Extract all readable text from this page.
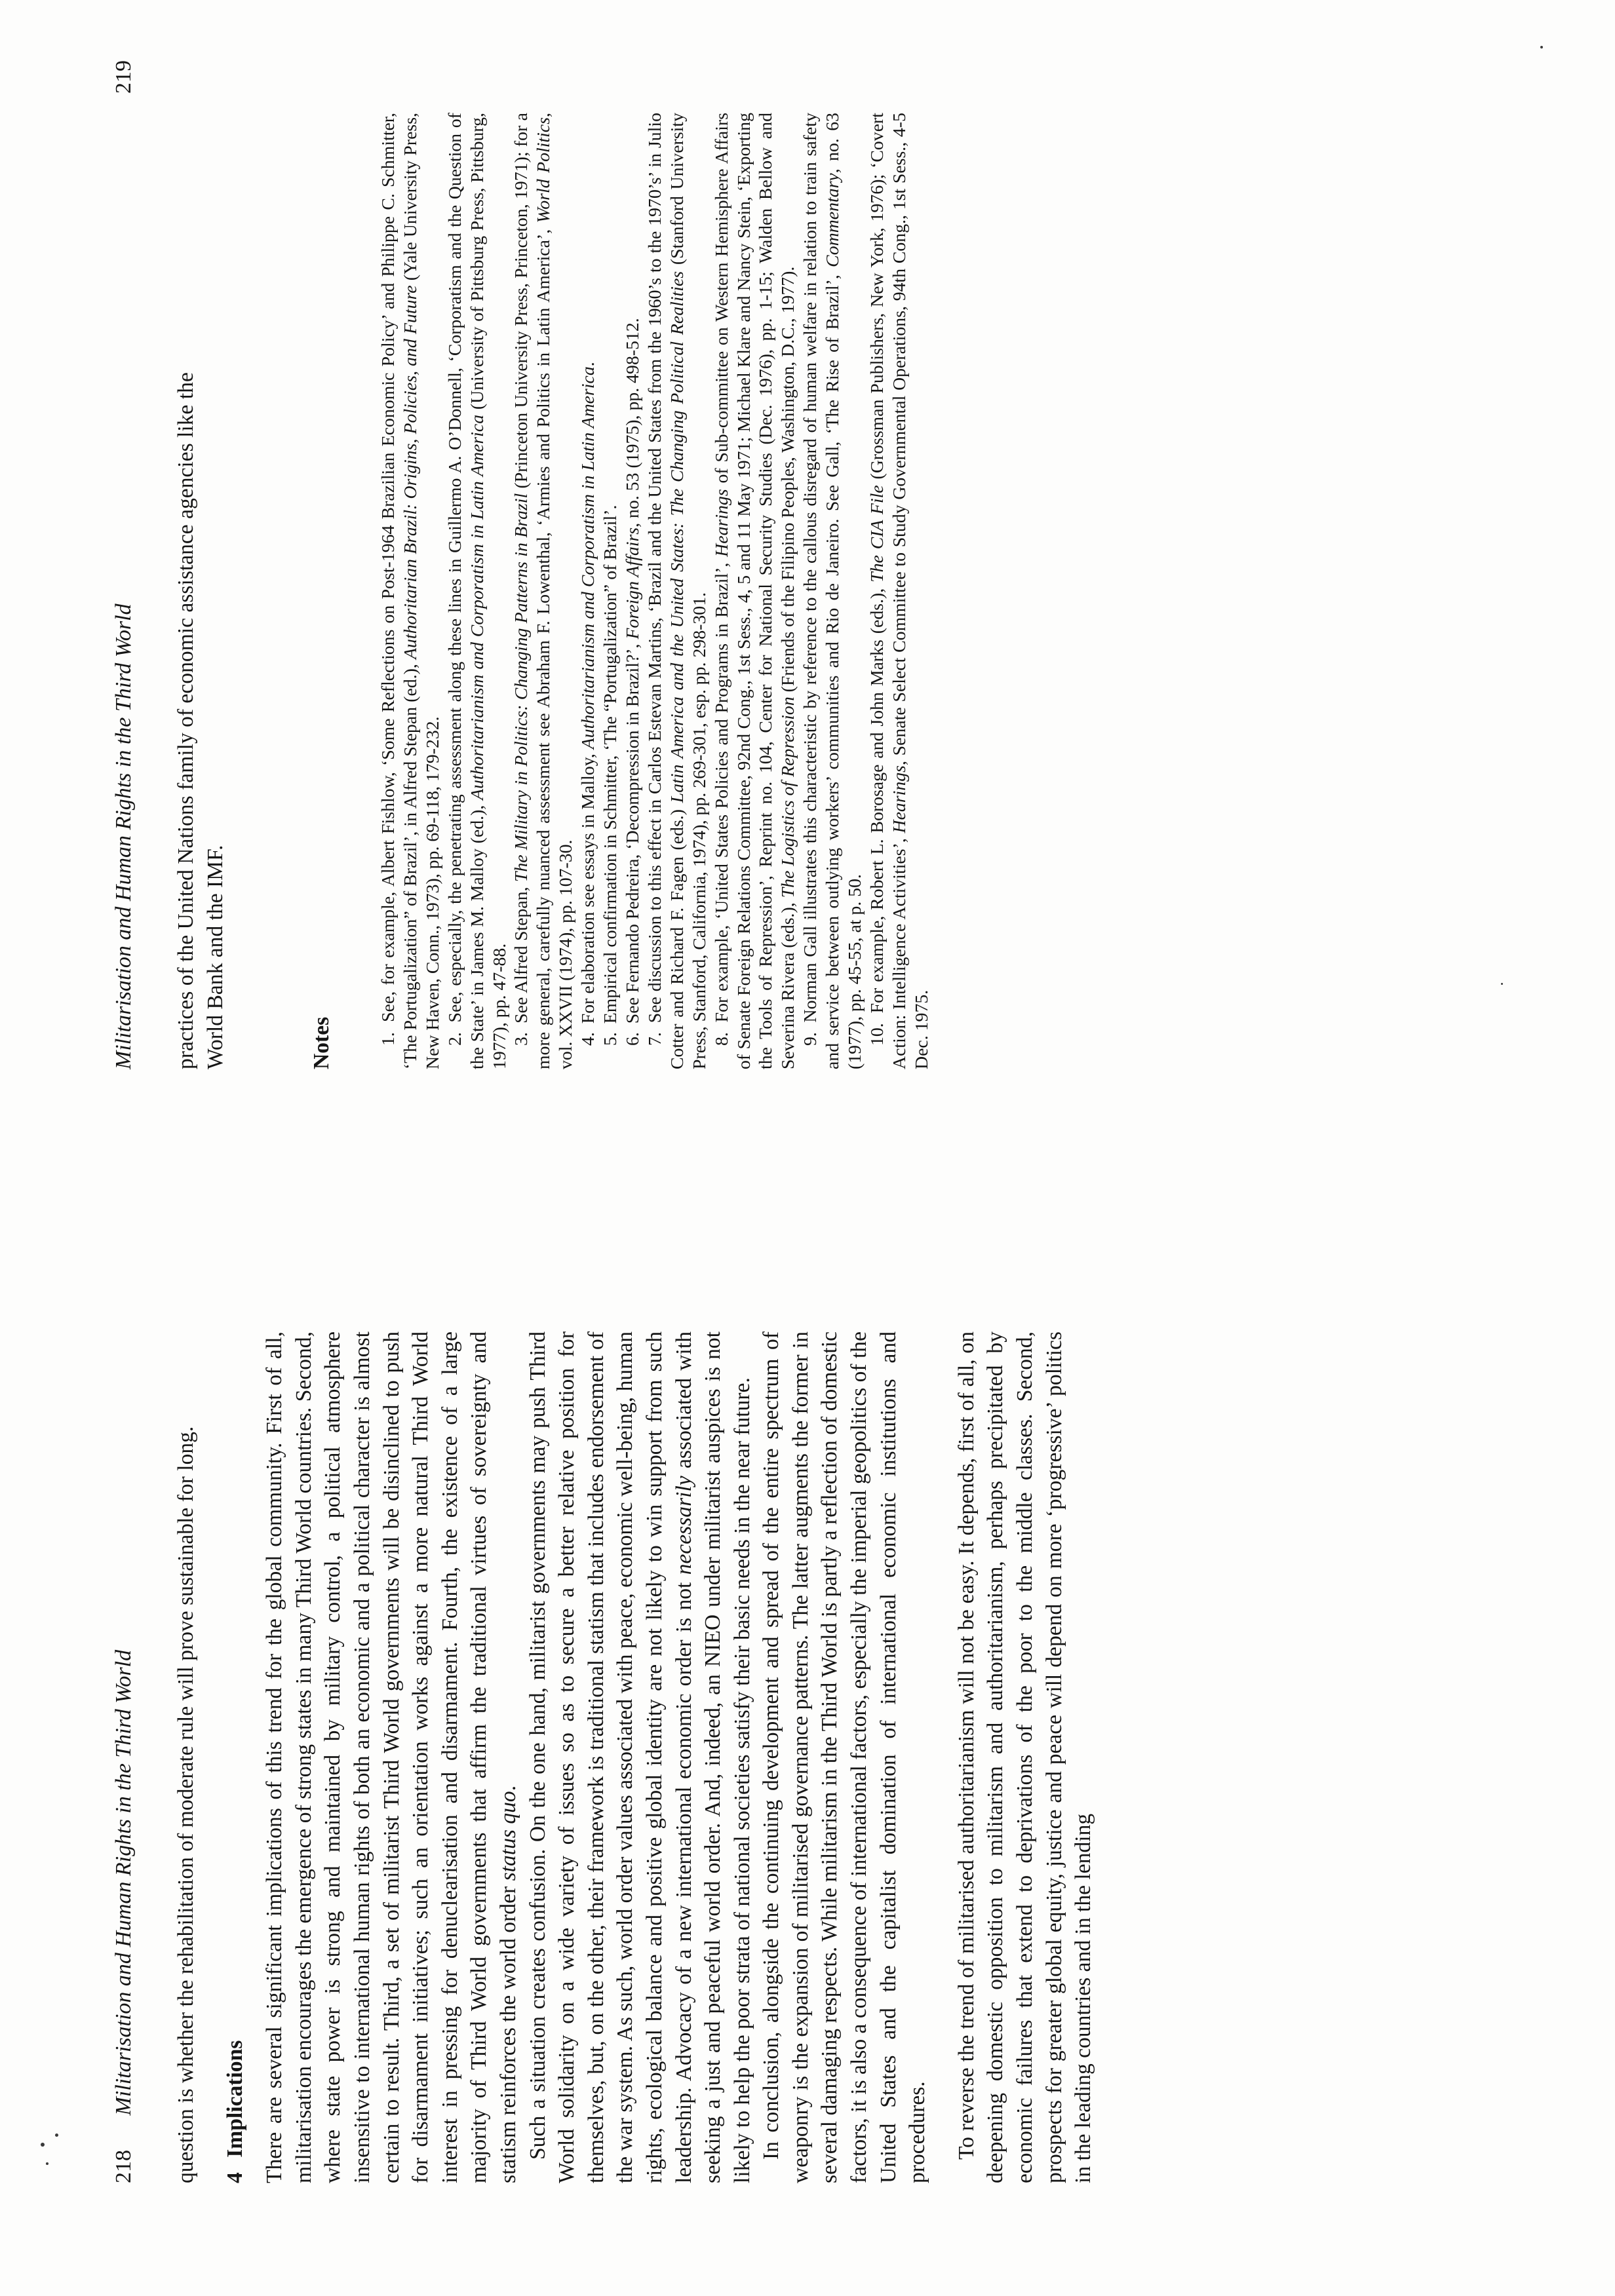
218 Militarisation and Human Rights in the Third World question is whether the rehabilitation of moderate rule will prove sustainable for long. 4 Implications There are several significant implications of this trend for the global community. First of all, militarisation encourages the emergence of strong states in many Third World countries. Second, where state power is strong and maintained by military control, a political atmosphere insensitive to international human rights of both an economic and a political character is almost certain to result. Third, a set of militarist Third World governments will be disinclined to push for disarmament initiatives; such an orientation works against a more natural Third World interest in pressing for denuclearisation and disarmament. Fourth, the existence of a large majority of Third World governments that affirm the traditional virtues of sovereignty and statism reinforces the world order status quo. Such a situation creates confusion. On the one hand, militarist governments may push Third World solidarity on a wide variety of issues so as to secure a better relative position for themselves, but, on the other, their framework is traditional statism that includes endorsement of the war system. As such, world order values associated with peace, economic well-being, human rights, ecological balance and positive global identity are not likely to win support from such leadership. Advocacy of a new international economic order is not necessarily associated with seeking a just and peaceful world order. And, indeed, an NIEO under militarist auspices is not likely to help the poor strata of national societies satisfy their basic needs in the near future. In conclusion, alongside the continuing development and spread of the entire spectrum of weaponry is the expansion of militarised governance patterns. The latter augments the former in several damaging respects. While militarism in the Third World is partly a reflection of domestic factors, it is also a consequence of international factors, especially the imperial geopolitics of the United States and the capitalist domination of international economic institutions and procedures. To reverse the trend of militarised authoritarianism will not be easy. It depends, first of all, on deepening domestic opposition to militarism and authoritarianism, perhaps precipitated by economic failures that extend to deprivations of the poor to the middle classes. Second, prospects for greater global equity, justice and peace will depend on more ‘progressive’ politics in the leading countries and in the lending

Militarisation and Human Rights in the Third World
219

practices of the United Nations family of economic assistance agencies like the World Bank and the IMF.	Notes 1. See, for example, Albert Fishlow, ‘Some Reflections on Post-1964 Brazilian Economic Policy’ and Philippe C. Schmitter, ‘The Portugalization” of Brazil’, in Alfred Stepan (ed.), Authoritarian Brazil: Origins, Policies, and Future (Yale University Press, New Haven, Conn., 1973), pp. 69-118, 179-232. 2. See, especially, the penetrating assessment along these lines in Guillermo A. O’Donnell, ‘Corporatism and the Question of the State’ in James M. Malloy (ed.), Authoritarianism and Corporatism in Latin America (University of Pittsburg Press, Pittsburg, 1977), pp. 47-88. 3. See Alfred Stepan, The Military in Politics: Changing Patterns in Brazil (Princeton University Press, Princeton, 1971); for a more general, carefully nuanced assessment see Abraham F. Lowenthal, ‘Armies and Politics in Latin America’, World Politics, vol. XXVII (1974), pp. 107-30. 4. For elaboration see essays in Malloy, Authoritarianism and Corporatism in Latin America.

5. Empirical confirmation in Schmitter, ‘The “Portugalization” of Brazil’.

6. See Fernando Pedreira, ‘Decompression in Brazil?’, Foreign Affairs, no. 53 (1975), pp. 498-512.

7. See discussion to this effect in Carlos Estevan Martins, ‘Brazil and the United States from the 1960’s to the 1970’s’ in Julio Cotter and Richard F. Fagen (eds.) Latin America and the United States: The Changing Political Realities (Stanford University Press, Stanford, California, 1974), pp. 269-301, esp. pp. 298-301. 8. For example, ‘United States Policies and Programs in Brazil’, Hearings of Sub-committee on Western Hemisphere Affairs of Senate Foreign Relations Committee, 92nd Cong., 1st Sess., 4, 5 and 11 May 1971; Michael Klare and Nancy Stein, ‘Exporting the Tools of Repression’, Reprint no. 104, Center for National Security Studies (Dec. 1976), pp. 1-15; Walden Bellow and Severina Rivera (eds.), The Logistics of Repression (Friends of the Filipino Peoples, Washington, D.C., 1977).

9. Norman Gall illustrates this characteristic by reference to the callous disregard of human welfare in relation to train safety and service between outlying workers’ communities and Rio de Janeiro. See Gall, ‘The Rise of Brazil’, Commentary, no. 63 (1977), pp. 45-55, at p. 50. 10. For example, Robert L. Borosage and John Marks (eds.), The CIA File (Grossman Publishers, New York, 1976); ‘Covert Action: Intelligence Activities’, Hearings, Senate Select Committee to Study Governmental Operations, 94th Cong., 1st Sess., 4-5 Dec. 1975.
